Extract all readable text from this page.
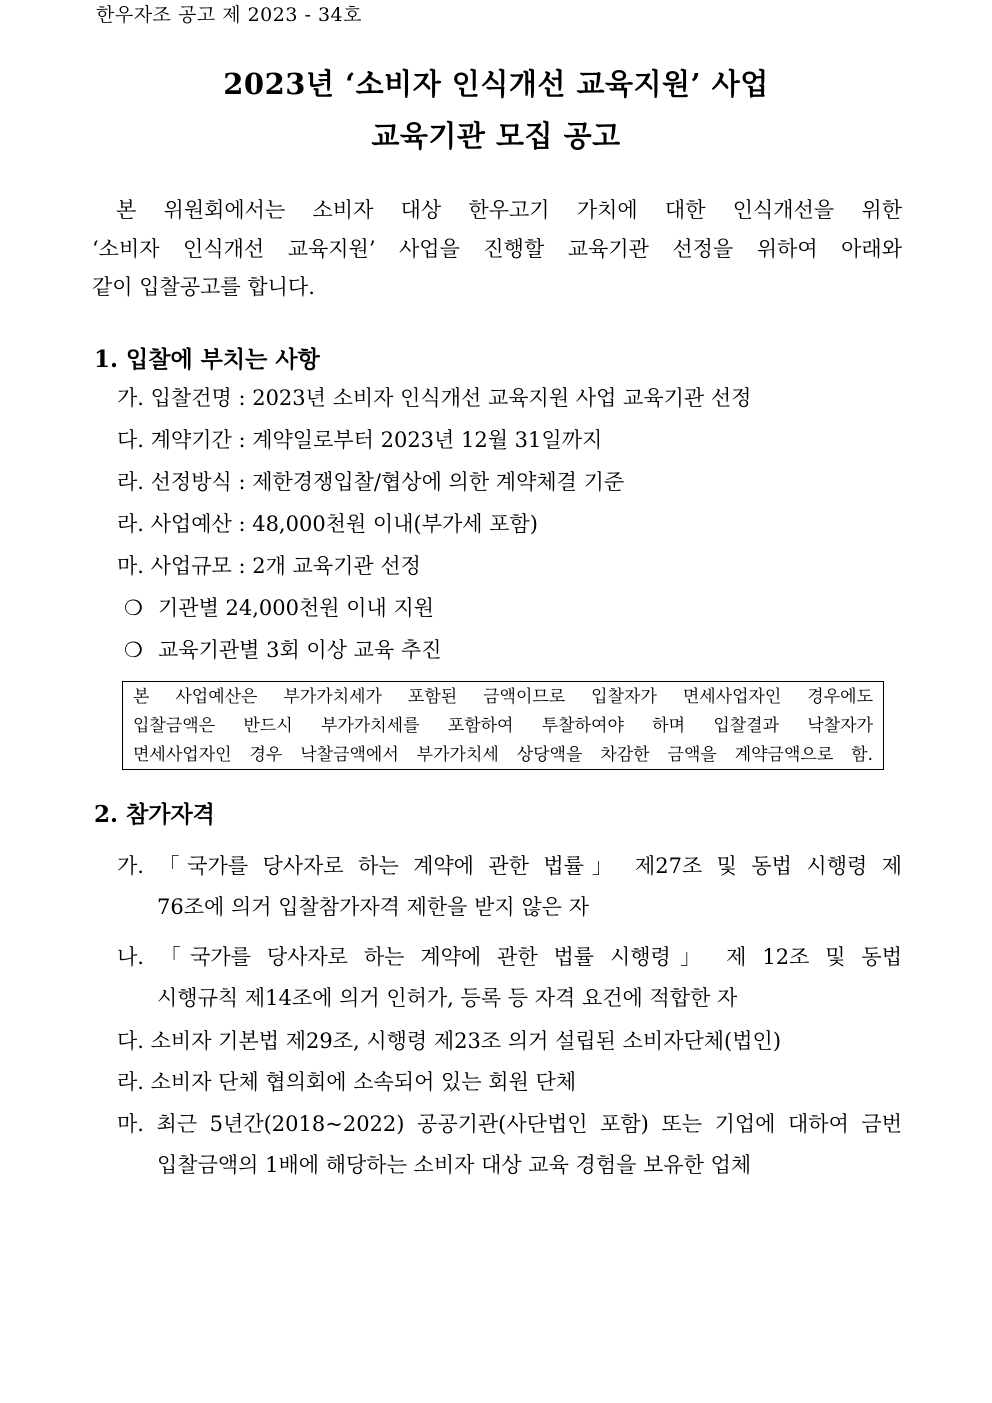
한우자조 공고 제 2023 - 34호
2023년 ‘소비자 인식개선 교육지원’ 사업
교육기관 모집 공고
본 위원회에서는 소비자 대상 한우고기 가치에 대한 인식개선을 위한
‘소비자 인식개선 교육지원’ 사업을 진행할 교육기관 선정을 위하여 아래와
같이 입찰공고를 합니다.
1. 입찰에 부치는 사항
가. 입찰건명 : 2023년 소비자 인식개선 교육지원 사업 교육기관 선정
다. 계약기간 : 계약일로부터 2023년 12월 31일까지
라. 선정방식 : 제한경쟁입찰/협상에 의한 계약체결 기준
라. 사업예산 : 48,000천원 이내(부가세 포함)
마. 사업규모 : 2개 교육기관 선정
❍ 기관별 24,000천원 이내 지원
❍ 교육기관별 3회 이상 교육 추진
본 사업예산은 부가가치세가 포함된 금액이므로 입찰자가 면세사업자인 경우에도
입찰금액은 반드시 부가가치세를 포함하여 투찰하여야 하며 입찰결과 낙찰자가
면세사업자인 경우 낙찰금액에서 부가가치세 상당액을 차감한 금액을 계약금액으로 함.
2. 참가자격
가. 「국가를 당사자로 하는 계약에 관한 법률」 제27조 및 동법 시행령 제
76조에 의거 입찰참가자격 제한을 받지 않은 자
나. 「국가를 당사자로 하는 계약에 관한 법률 시행령」 제 12조 및 동법
시행규칙 제14조에 의거 인허가, 등록 등 자격 요건에 적합한 자
다. 소비자 기본법 제29조, 시행령 제23조 의거 설립된 소비자단체(법인)
라. 소비자 단체 협의회에 소속되어 있는 회원 단체
마. 최근 5년간(2018~2022) 공공기관(사단법인 포함) 또는 기업에 대하여 금번
입찰금액의 1배에 해당하는 소비자 대상 교육 경험을 보유한 업체
